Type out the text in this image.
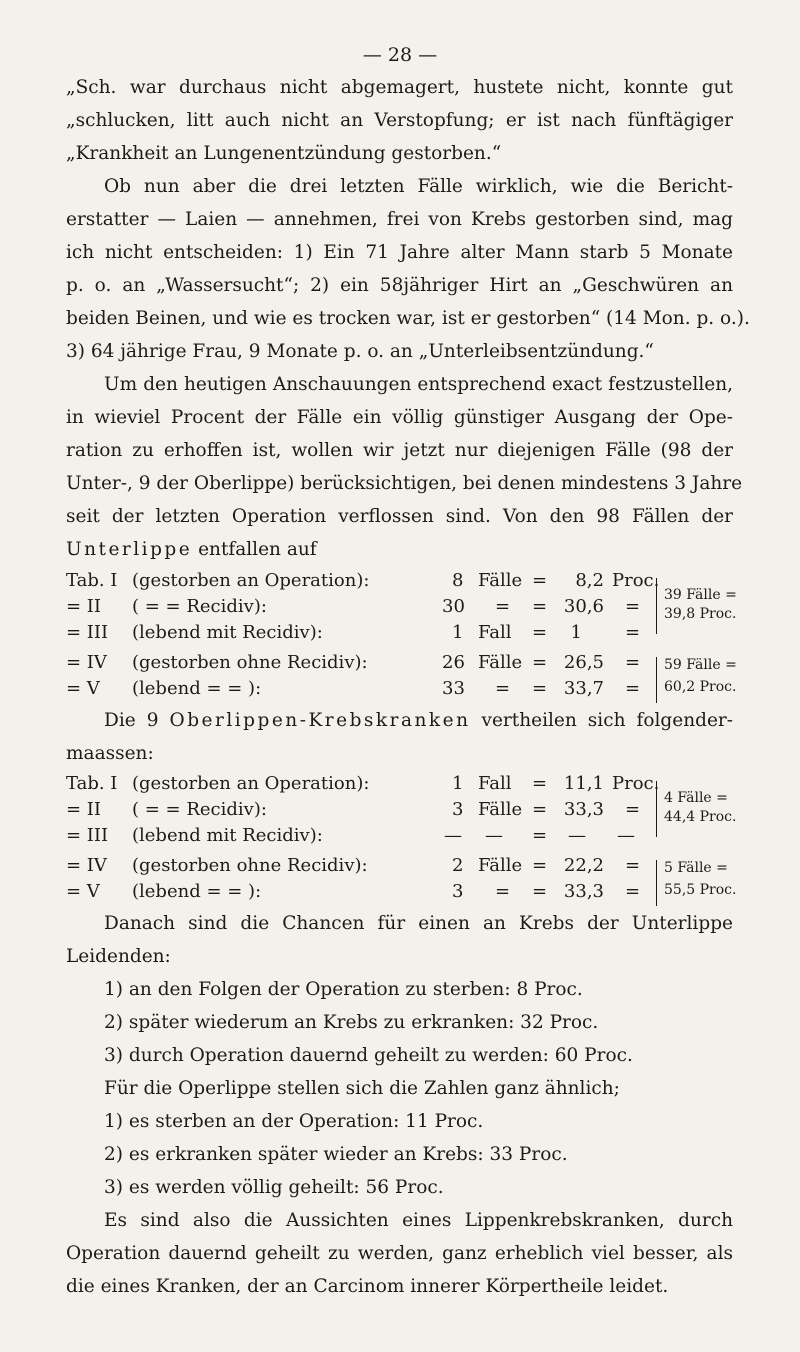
— 28 —
„Sch. war durchaus nicht abgemagert, hustete nicht, konnte gut
„schlucken, litt auch nicht an Verstopfung; er ist nach fünftägiger
„Krankheit an Lungenentzündung gestorben.“
Ob nun aber die drei letzten Fälle wirklich, wie die Bericht-
erstatter — Laien — annehmen, frei von Krebs gestorben sind, mag
ich nicht entscheiden: 1) Ein 71 Jahre alter Mann starb 5 Monate
p. o. an „Wassersucht“; 2) ein 58jähriger Hirt an „Geschwüren an
beiden Beinen, und wie es trocken war, ist er gestorben“ (14 Mon. p. o.).
3) 64 jährige Frau, 9 Monate p. o. an „Unterleibsentzündung.“
Um den heutigen Anschauungen entsprechend exact festzustellen,
in wieviel Procent der Fälle ein völlig günstiger Ausgang der Ope-
ration zu erhoffen ist, wollen wir jetzt nur diejenigen Fälle (98 der
Unter-, 9 der Oberlippe) berücksichtigen, bei denen mindestens 3 Jahre
seit der letzten Operation verflossen sind. Von den 98 Fällen der
Unterlippe entfallen auf
Tab. I (gestorben an Operation):	8 Fälle =	8,2 Proc.
= II ( = = Recidiv):	30 = = 30,6 =
= III (lebend mit Recidiv):	1 Fall =	1 =
= IV (gestorben ohne Recidiv):	26 Fälle = 26,5 =
= V (lebend = = ):	33 = = 33,7 =
39 Fälle =
39,8 Proc.
59 Fälle =
60,2 Proc.
Die 9 Oberlippen-Krebskranken vertheilen sich folgender-
maassen:
Tab. I (gestorben an Operation):	1 Fall = 11,1 Proc.
= II ( = = Recidiv):	3 Fälle = 33,3 =
= III (lebend mit Recidiv):	— — = — —
= IV (gestorben ohne Recidiv):	2 Fälle = 22,2 =
= V (lebend = = ):	3 = = 33,3 =
4 Fälle =
44,4 Proc.
5 Fälle =
55,5 Proc.
Danach sind die Chancen für einen an Krebs der Unterlippe
Leidenden:
1) an den Folgen der Operation zu sterben: 8 Proc.
2) später wiederum an Krebs zu erkranken: 32 Proc.
3) durch Operation dauernd geheilt zu werden: 60 Proc.
Für die Operlippe stellen sich die Zahlen ganz ähnlich;
1) es sterben an der Operation: 11 Proc.
2) es erkranken später wieder an Krebs: 33 Proc.
3) es werden völlig geheilt: 56 Proc.
Es sind also die Aussichten eines Lippenkrebskranken, durch
Operation dauernd geheilt zu werden, ganz erheblich viel besser, als
die eines Kranken, der an Carcinom innerer Körpertheile leidet.
